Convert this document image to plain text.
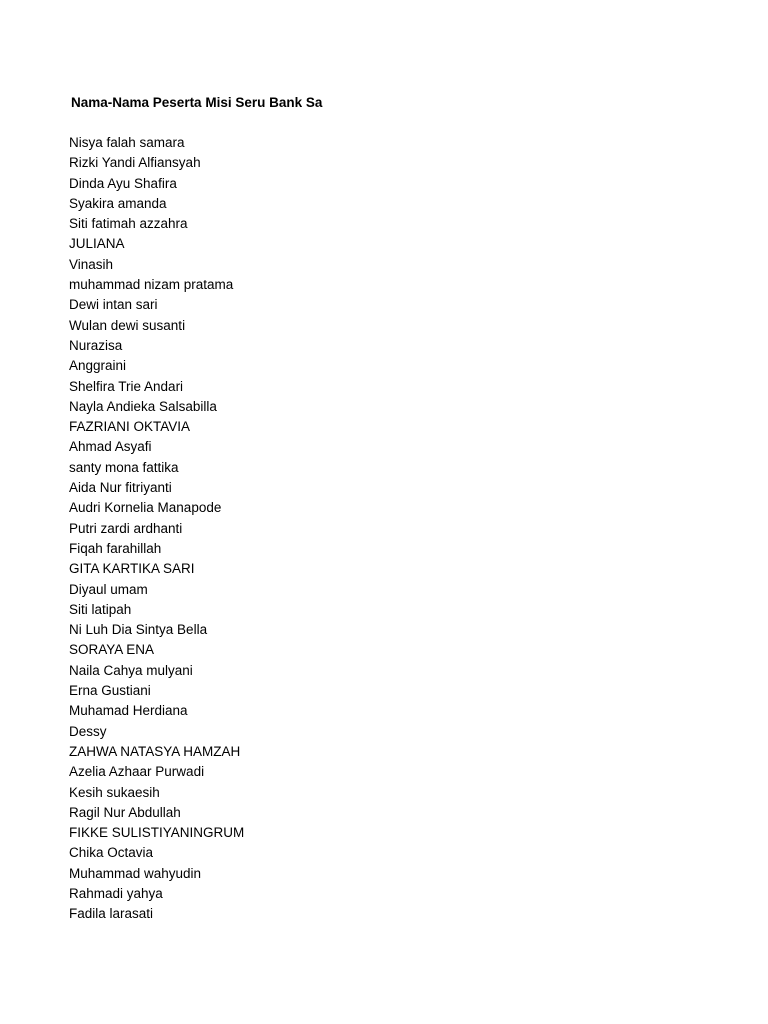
Nama-Nama Peserta Misi Seru Bank Sa
Nisya falah samara
Rizki Yandi Alfiansyah
Dinda Ayu Shafira
Syakira amanda
Siti fatimah azzahra
JULIANA
Vinasih
muhammad nizam pratama
Dewi intan sari
Wulan dewi susanti
Nurazisa
Anggraini
Shelfira Trie Andari
Nayla Andieka Salsabilla
FAZRIANI OKTAVIA
Ahmad Asyafi
santy mona fattika
Aida Nur fitriyanti
Audri Kornelia Manapode
Putri zardi ardhanti
Fiqah farahillah
GITA KARTIKA SARI
Diyaul umam
Siti latipah
Ni Luh Dia Sintya Bella
SORAYA ENA
Naila Cahya mulyani
Erna Gustiani
Muhamad Herdiana
Dessy
ZAHWA NATASYA HAMZAH
Azelia Azhaar Purwadi
Kesih sukaesih
Ragil Nur Abdullah
FIKKE SULISTIYANINGRUM
Chika Octavia
Muhammad wahyudin
Rahmadi yahya
Fadila larasati
